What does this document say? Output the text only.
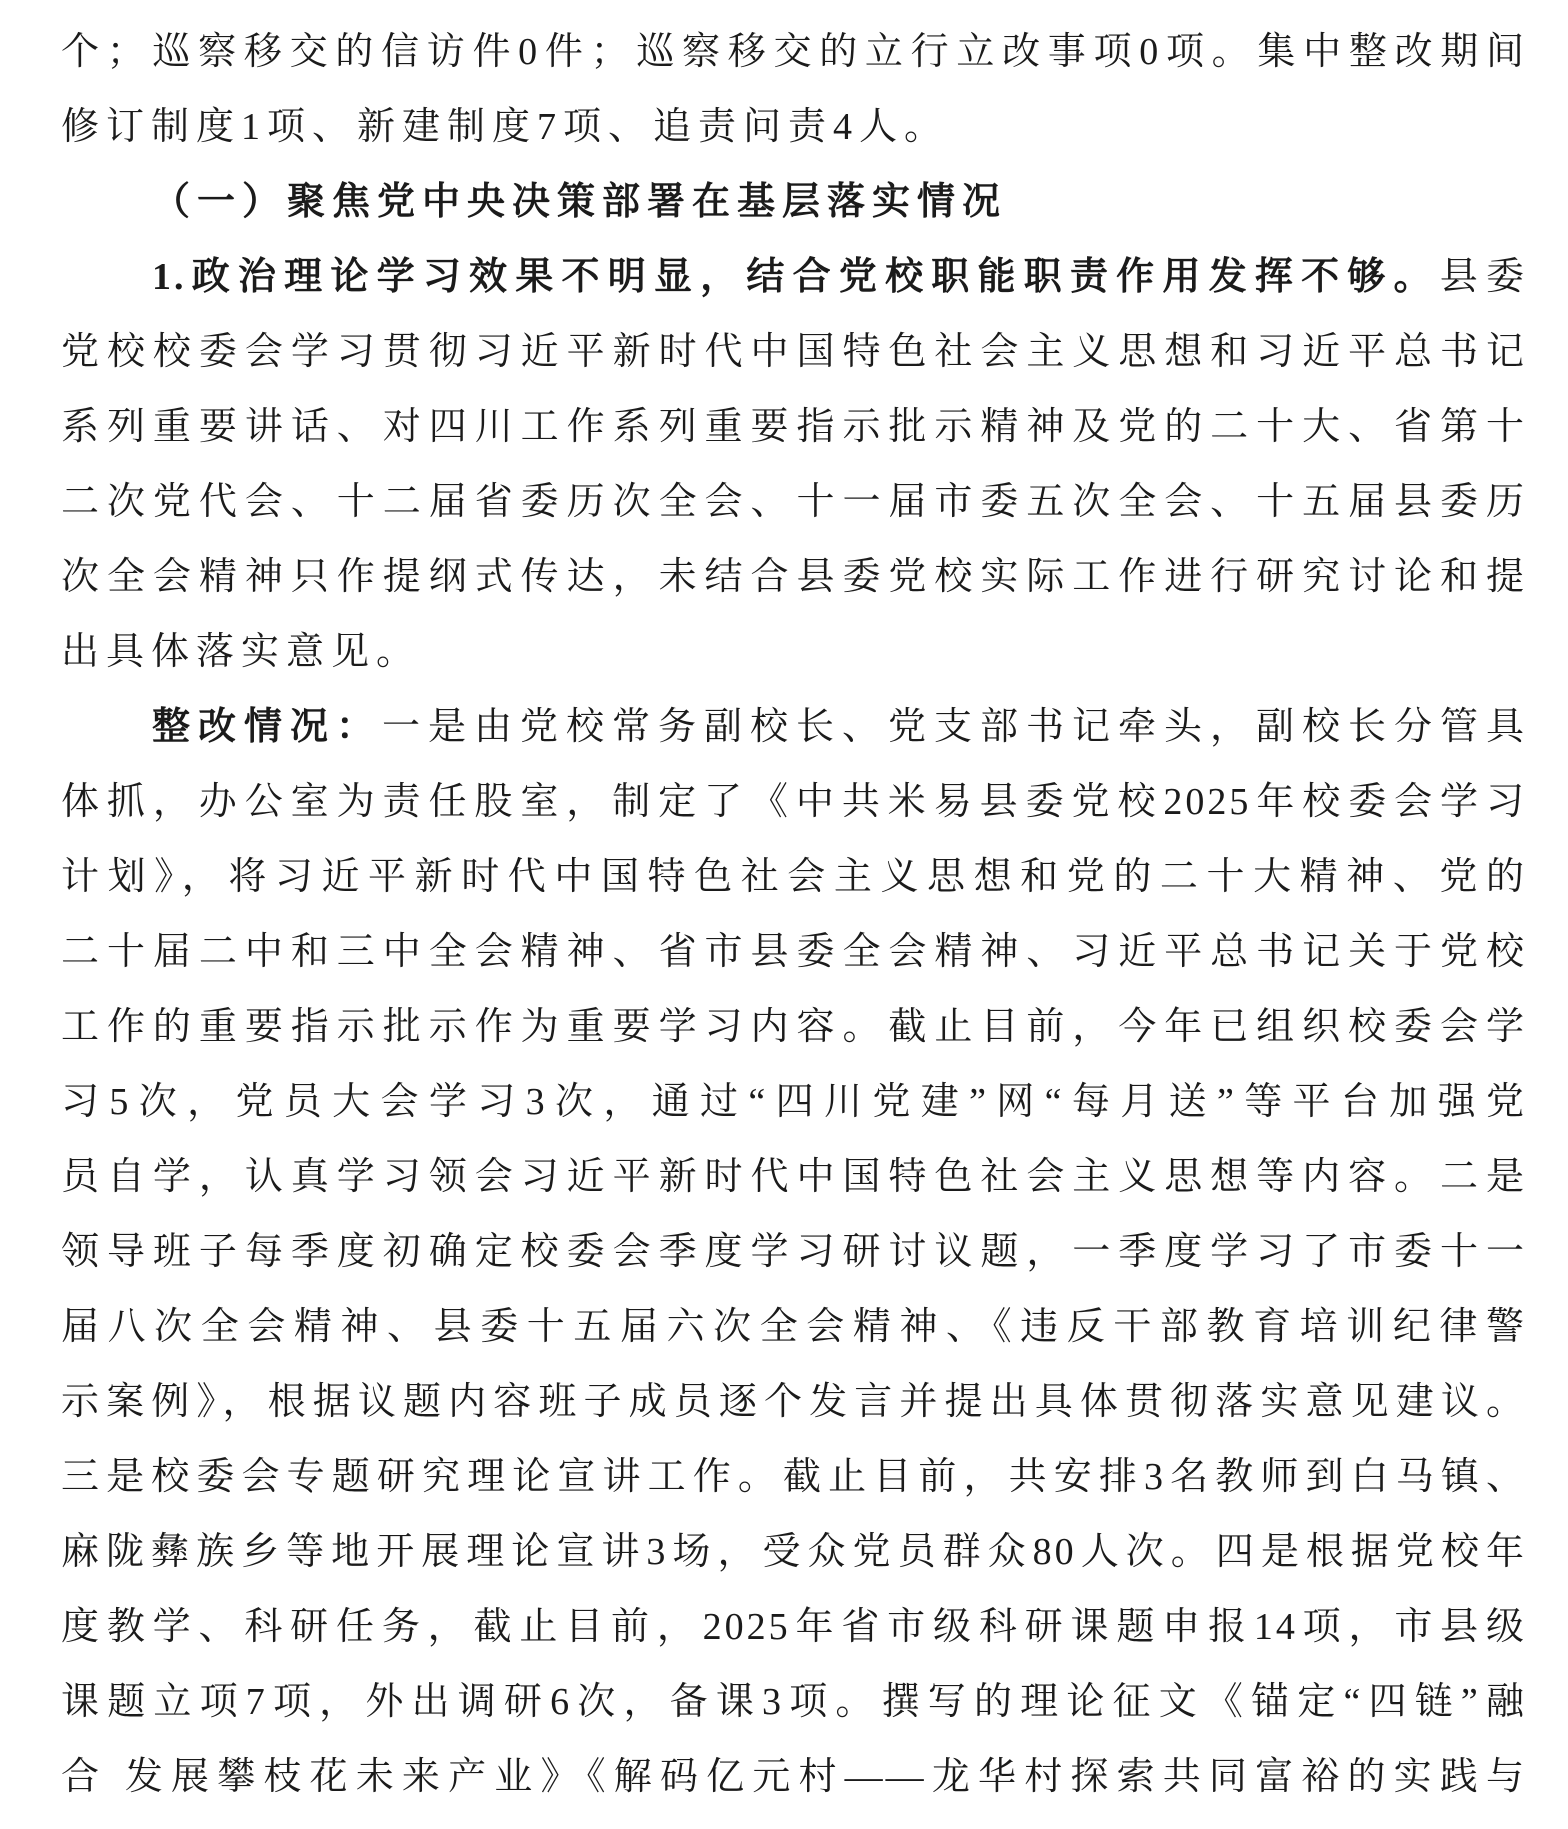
个；巡察移交的信访件0件；巡察移交的立行立改事项0项。集中整改期间
修订制度1项、新建制度7项、追责问责4人。
（一）聚焦党中央决策部署在基层落实情况
1.政治理论学习效果不明显，结合党校职能职责作用发挥不够。县委
党校校委会学习贯彻习近平新时代中国特色社会主义思想和习近平总书记
系列重要讲话、对四川工作系列重要指示批示精神及党的二十大、省第十
二次党代会、十二届省委历次全会、十一届市委五次全会、十五届县委历
次全会精神只作提纲式传达，未结合县委党校实际工作进行研究讨论和提
出具体落实意见。
整改情况：一是由党校常务副校长、党支部书记牵头，副校长分管具
体抓，办公室为责任股室，制定了《中共米易县委党校2025年校委会学习
计划》，将习近平新时代中国特色社会主义思想和党的二十大精神、党的
二十届二中和三中全会精神、省市县委全会精神、习近平总书记关于党校
工作的重要指示批示作为重要学习内容。截止目前，今年已组织校委会学
习5次，党员大会学习3次，通过“四川党建”网“每月送”等平台加强党
员自学，认真学习领会习近平新时代中国特色社会主义思想等内容。二是
领导班子每季度初确定校委会季度学习研讨议题，一季度学习了市委十一
届八次全会精神、县委十五届六次全会精神、《违反干部教育培训纪律警
示案例》，根据议题内容班子成员逐个发言并提出具体贯彻落实意见建议。
三是校委会专题研究理论宣讲工作。截止目前，共安排3名教师到白马镇、
麻陇彝族乡等地开展理论宣讲3场，受众党员群众80人次。四是根据党校年
度教学、科研任务，截止目前，2025年省市级科研课题申报14项，市县级
课题立项7项，外出调研6次，备课3项。撰写的理论征文《锚定“四链”融
合 发展攀枝花未来产业》《解码亿元村——龙华村探索共同富裕的实践与
